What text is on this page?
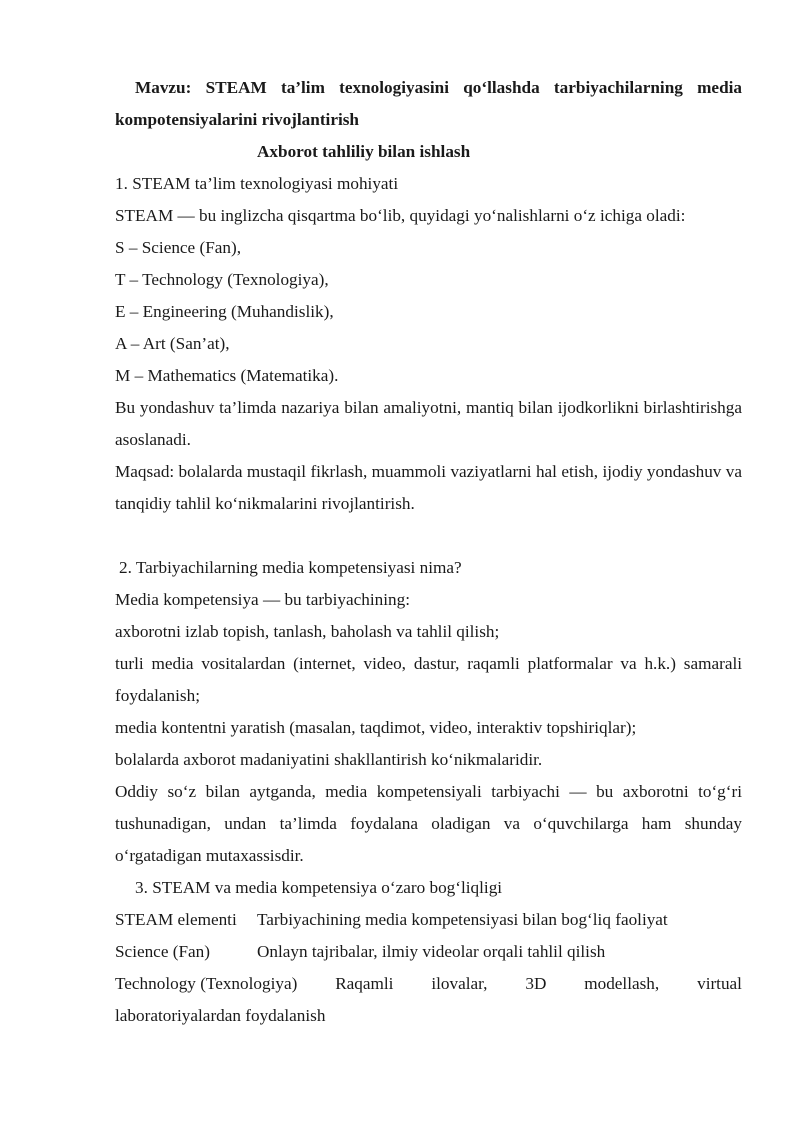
Mavzu: STEAM ta’lim texnologiyasini qo‘llashda tarbiyachilarning media
kompotensiyalarini rivojlantirish
Axborot tahliliy bilan ishlash
1. STEAM ta’lim texnologiyasi mohiyati
STEAM — bu inglizcha qisqartma bo‘lib, quyidagi yo‘nalishlarni o‘z ichiga oladi:
S – Science (Fan),
T – Technology (Texnologiya),
E – Engineering (Muhandislik),
A – Art (San’at),
M – Mathematics (Matematika).
Bu yondashuv ta’limda nazariya bilan amaliyotni, mantiq bilan ijodkorlikni birlashtirishga asoslanadi.
Maqsad: bolalarda mustaqil fikrlash, muammoli vaziyatlarni hal etish, ijodiy yondashuv va tanqidiy tahlil ko‘nikmalarini rivojlantirish.
2. Tarbiyachilarning media kompetensiyasi nima?
Media kompetensiya — bu tarbiyachining:
axborotni izlab topish, tanlash, baholash va tahlil qilish;
turli media vositalardan (internet, video, dastur, raqamli platformalar va h.k.) samarali foydalanish;
media kontentni yaratish (masalan, taqdimot, video, interaktiv topshiriqlar);
bolalarda axborot madaniyatini shakllantirish ko‘nikmalaridir.
Oddiy so‘z bilan aytganda, media kompetensiyali tarbiyachi — bu axborotni to‘g‘ri tushunadigan, undan ta’limda foydalana oladigan va o‘quvchilarga ham shunday o‘rgatadigan mutaxassisdir.
3. STEAM va media kompetensiya o‘zaro bog‘liqligi
STEAM elementi	Tarbiyachining media kompetensiyasi bilan bog‘liq faoliyat
Science (Fan)	Onlayn tajribalar, ilmiy videolar orqali tahlil qilish
Technology (Texnologiya) Raqamli ilovalar, 3D modellash, virtual
laboratoriyalardan foydalanish
